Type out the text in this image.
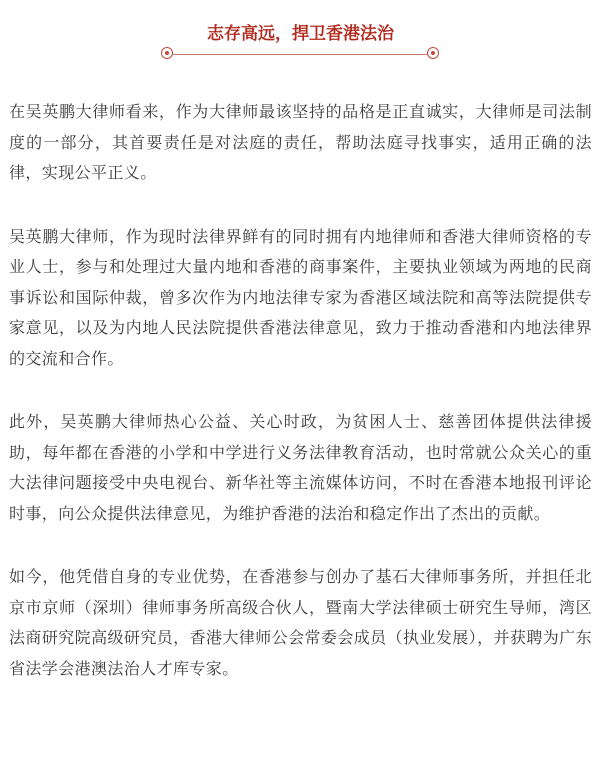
志存高远，捍卫香港法治

在吴英鹏大律师看来，作为大律师最该坚持的品格是正直诚实，大律师是司法制度的一部分，其首要责任是对法庭的责任，帮助法庭寻找事实，适用正确的法律，实现公平正义。

吴英鹏大律师，作为现时法律界鲜有的同时拥有内地律师和香港大律师资格的专业人士，参与和处理过大量内地和香港的商事案件，主要执业领域为两地的民商事诉讼和国际仲裁，曾多次作为内地法律专家为香港区域法院和高等法院提供专家意见，以及为内地人民法院提供香港法律意见，致力于推动香港和内地法律界的交流和合作。

此外，吴英鹏大律师热心公益、关心时政，为贫困人士、慈善团体提供法律援助，每年都在香港的小学和中学进行义务法律教育活动，也时常就公众关心的重大法律问题接受中央电视台、新华社等主流媒体访问，不时在香港本地报刊评论时事，向公众提供法律意见，为维护香港的法治和稳定作出了杰出的贡献。

如今，他凭借自身的专业优势，在香港参与创办了基石大律师事务所，并担任北京市京师（深圳）律师事务所高级合伙人，暨南大学法律硕士研究生导师，湾区法商研究院高级研究员，香港大律师公会常委会成员（执业发展），并获聘为广东省法学会港澳法治人才库专家。
